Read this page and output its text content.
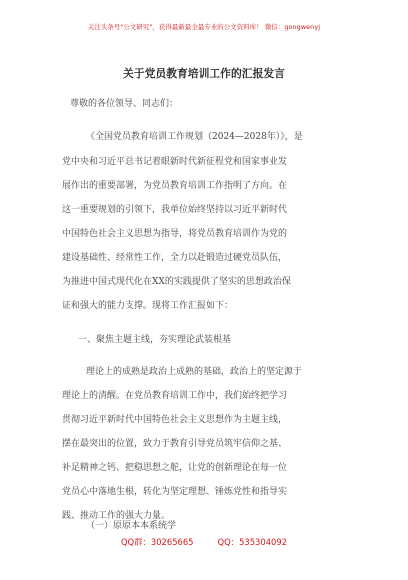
关注头条号"公文研究"，获得最新最全最专业的公文资料库！ 微信：gongwenyj
关于党员教育培训工作的汇报发言
尊敬的各位领导、同志们：
《全国党员教育培训工作规划（2024—2028年）》，是
党中央和习近平总书记着眼新时代新征程党和国家事业发
展作出的重要部署，为党员教育培训工作指明了方向。在
这一重要规划的引领下，我单位始终坚持以习近平新时代
中国特色社会主义思想为指导，将党员教育培训作为党的
建设基础性、经常性工作，全力以赴锻造过硬党员队伍，
为推进中国式现代化在XX的实践提供了坚实的思想政治保
证和强大的能力支撑。现将工作汇报如下：
一、聚焦主题主线，夯实理论武装根基
理论上的成熟是政治上成熟的基础，政治上的坚定源于
理论上的清醒。在党员教育培训工作中，我们始终把学习
贯彻习近平新时代中国特色社会主义思想作为主题主线，
摆在最突出的位置，致力于教育引导党员筑牢信仰之基、
补足精神之钙、把稳思想之舵，让党的创新理论在每一位
党员心中落地生根，转化为坚定理想、锤炼党性和指导实
践、推动工作的强大力量。
（一）原原本本系统学
QQ群：30265665	QQ：535304092
